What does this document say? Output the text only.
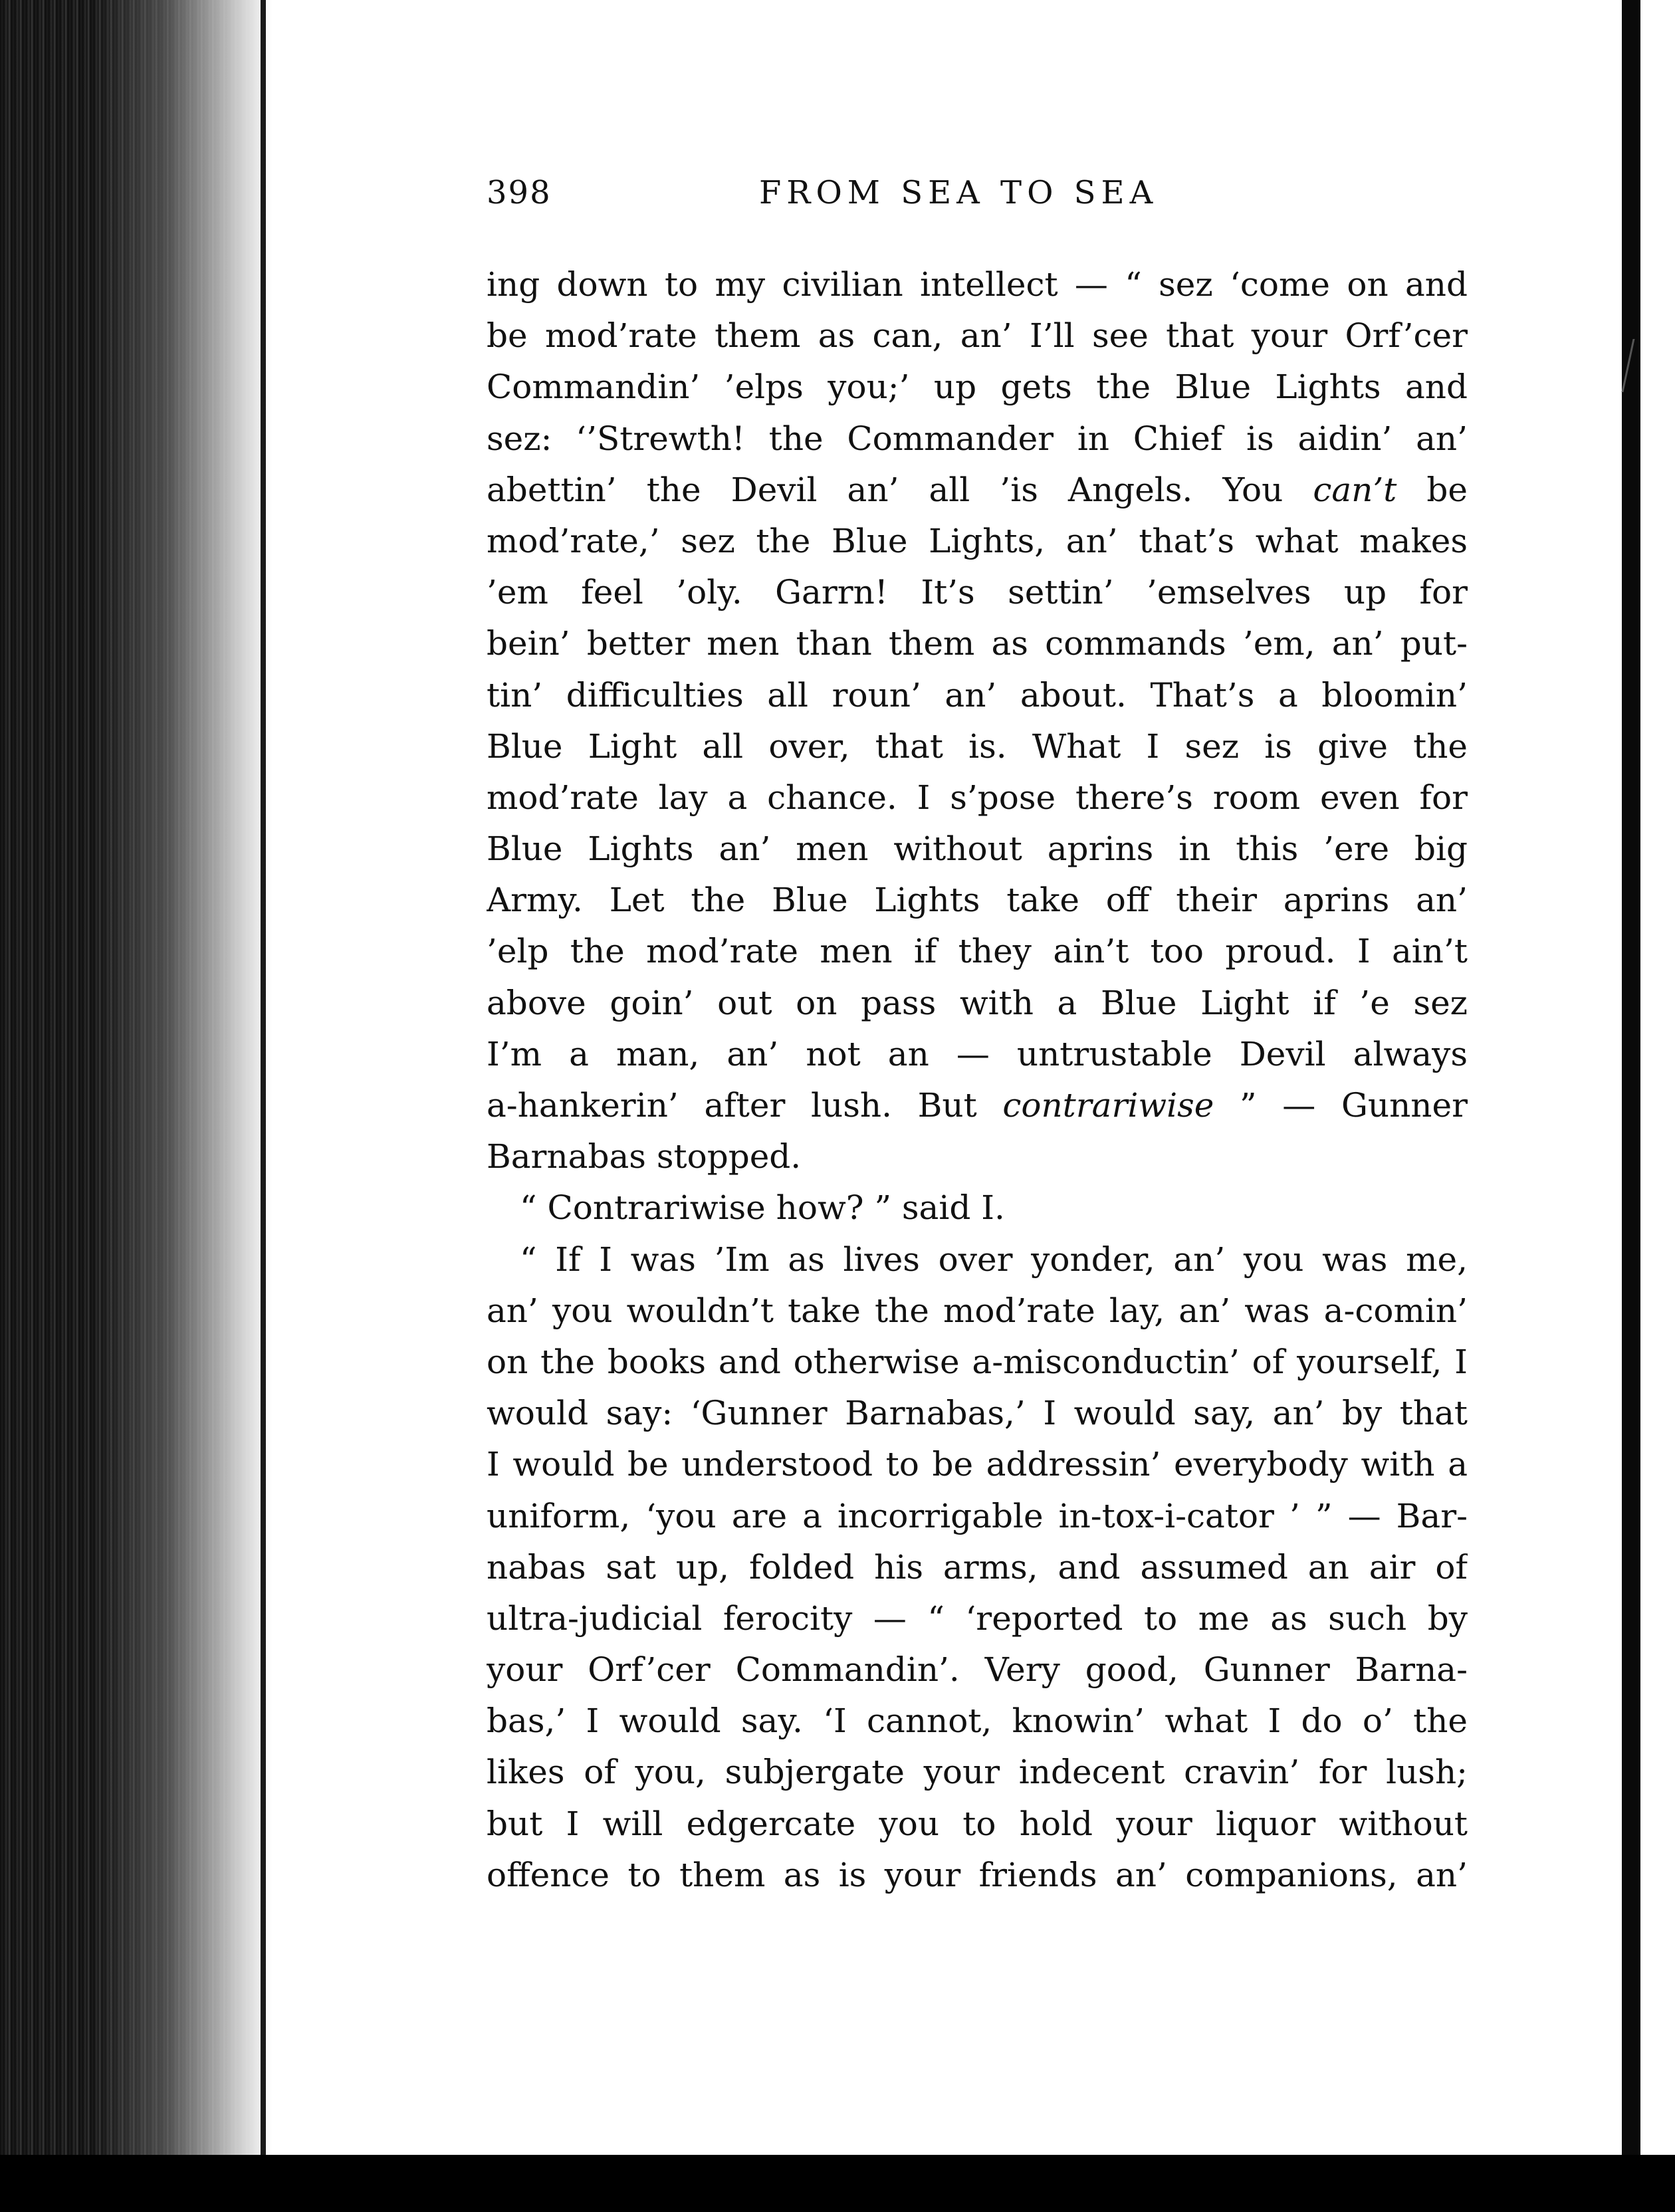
398	FROM SEA TO SEA
ing down to my civilian intellect — “ sez ‘come on and
be mod’rate them as can, an’ I’ll see that your Orf’cer
Commandin’ ’elps you;’ up gets the Blue Lights and
sez: ‘’Strewth! the Commander in Chief is aidin’ an’
abettin’ the Devil an’ all ’is Angels. You can’t be
mod’rate,’ sez the Blue Lights, an’ that’s what makes
’em feel ’oly. Garrn! It’s settin’ ’emselves up for
bein’ better men than them as commands ’em, an’ put-
tin’ difficulties all roun’ an’ about. That’s a bloomin’
Blue Light all over, that is. What I sez is give the
mod’rate lay a chance. I s’pose there’s room even for
Blue Lights an’ men without aprins in this ’ere big
Army. Let the Blue Lights take off their aprins an’
’elp the mod’rate men if they ain’t too proud. I ain’t
above goin’ out on pass with a Blue Light if ’e sez
I’m a man, an’ not an — untrustable Devil always
a-hankerin’ after lush. But contrariwise ” — Gunner
Barnabas stopped.
“ Contrariwise how? ” said I.
“ If I was ’Im as lives over yonder, an’ you was me,
an’ you wouldn’t take the mod’rate lay, an’ was a-comin’
on the books and otherwise a-misconductin’ of yourself, I
would say: ‘Gunner Barnabas,’ I would say, an’ by that
I would be understood to be addressin’ everybody with a
uniform, ‘you are a incorrigable in-tox-i-cator ’ ” — Bar-
nabas sat up, folded his arms, and assumed an air of
ultra-judicial ferocity — “ ‘reported to me as such by
your Orf’cer Commandin’. Very good, Gunner Barna-
bas,’ I would say. ‘I cannot, knowin’ what I do o’ the
likes of you, subjergate your indecent cravin’ for lush;
but I will edgercate you to hold your liquor without
offence to them as is your friends an’ companions, an’
